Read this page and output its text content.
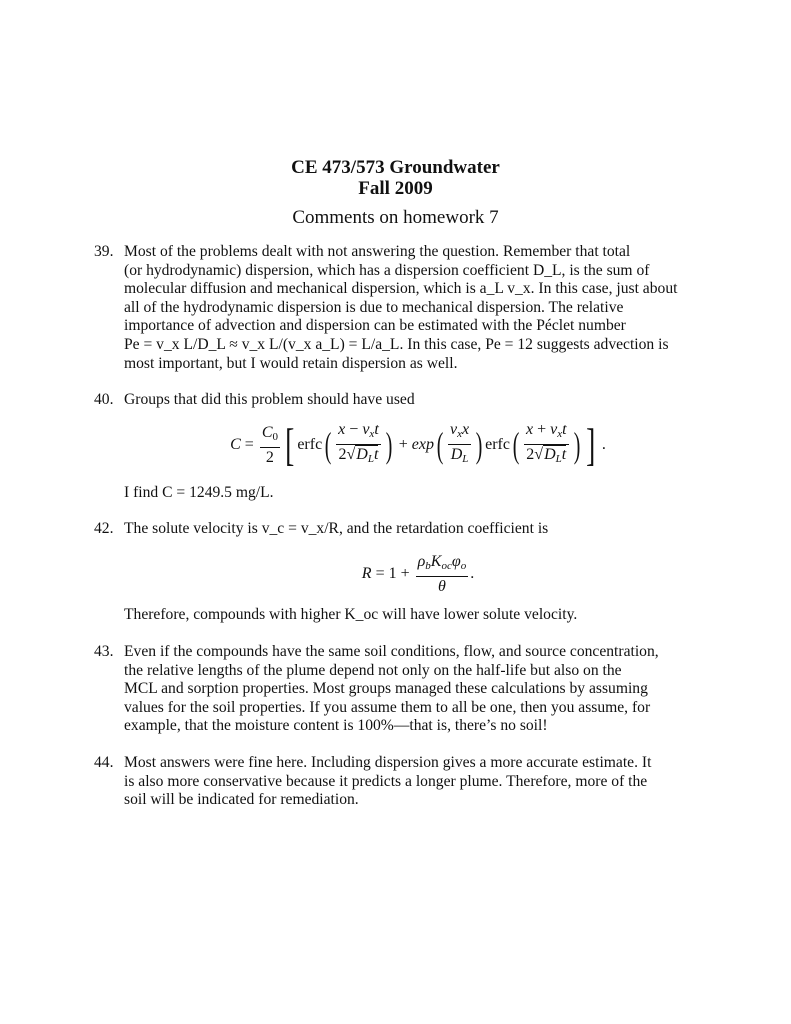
CE 473/573 Groundwater
Fall 2009
Comments on homework 7
39. Most of the problems dealt with not answering the question. Remember that total
(or hydrodynamic) dispersion, which has a dispersion coefficient D_L, is the sum of
molecular diffusion and mechanical dispersion, which is a_L v_x. In this case, just about
all of the hydrodynamic dispersion is due to mechanical dispersion. The relative
importance of advection and dispersion can be estimated with the Péclet number
Pe = v_x L/D_L ≈ v_x L/(v_x a_L) = L/a_L. In this case, Pe = 12 suggests advection is
most important, but I would retain dispersion as well.
40. Groups that did this problem should have used
$C = \frac{C_0}{2}$ [ erfc ( $\frac{x - v_xt}{2√D_Lt}$ ) + exp ( $\frac{v_xx}{D_L}$ ) erfc ( $\frac{x + v_xt}{2√D_Lt}$ ) ] .
I find C = 1249.5 mg/L.
42. The solute velocity is v_c = v_x/R, and the retardation coefficient is
$R = 1 + \frac{\rho_bK_{oc}\varphi_o}{\theta}$ .
Therefore, compounds with higher K_oc will have lower solute velocity.
43. Even if the compounds have the same soil conditions, flow, and source concentration,
the relative lengths of the plume depend not only on the half-life but also on the
MCL and sorption properties. Most groups managed these calculations by assuming
values for the soil properties. If you assume them to all be one, then you assume, for
example, that the moisture content is 100%—that is, there’s no soil!
44. Most answers were fine here. Including dispersion gives a more accurate estimate. It
is also more conservative because it predicts a longer plume. Therefore, more of the
soil will be indicated for remediation.
